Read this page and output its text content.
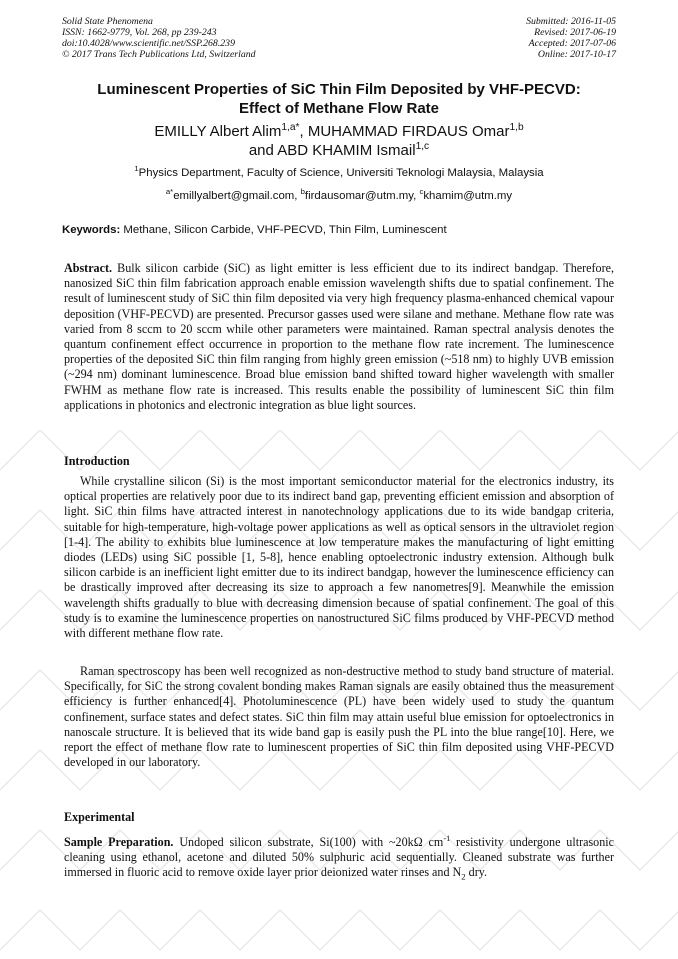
Solid State Phenomena
ISSN: 1662-9779, Vol. 268, pp 239-243
doi:10.4028/www.scientific.net/SSP.268.239
© 2017 Trans Tech Publications Ltd, Switzerland
Submitted: 2016-11-05
Revised: 2017-06-19
Accepted: 2017-07-06
Online: 2017-10-17
Luminescent Properties of SiC Thin Film Deposited by VHF-PECVD:
Effect of Methane Flow Rate
EMILLY Albert Alim$^{1,a*}$, MUHAMMAD FIRDAUS Omar$^{1,b}$
and ABD KHAMIM Ismail$^{1,c}$
$^1$Physics Department, Faculty of Science, Universiti Teknologi Malaysia, Malaysia
$^{a*}$emillyalbert@gmail.com, $^b$firdausomar@utm.my, $^c$khamim@utm.my
Keywords: Methane, Silicon Carbide, VHF-PECVD, Thin Film, Luminescent
Abstract. Bulk silicon carbide (SiC) as light emitter is less efficient due to its indirect bandgap. Therefore, nanosized SiC thin film fabrication approach enable emission wavelength shifts due to spatial confinement. The result of luminescent study of SiC thin film deposited via very high frequency plasma-enhanced chemical vapour deposition (VHF-PECVD) are presented. Precursor gasses used were silane and methane. Methane flow rate was varied from 8 sccm to 20 sccm while other parameters were maintained. Raman spectral analysis denotes the quantum confinement effect occurrence in proportion to the methane flow rate increment. The luminescence properties of the deposited SiC thin film ranging from highly green emission (~518 nm) to highly UVB emission (~294 nm) dominant luminescence. Broad blue emission band shifted toward higher wavelength with smaller FWHM as methane flow rate is increased. This results enable the possibility of luminescent SiC thin film applications in photonics and electronic integration as blue light sources.
Introduction
While crystalline silicon (Si) is the most important semiconductor material for the electronics industry, its optical properties are relatively poor due to its indirect band gap, preventing efficient emission and absorption of light. SiC thin films have attracted interest in nanotechnology applications due to its wide bandgap criteria, suitable for high-temperature, high-voltage power applications as well as optical sensors in the ultraviolet region [1-4]. The ability to exhibits blue luminescence at low temperature makes the manufacturing of light emitting diodes (LEDs) using SiC possible [1, 5-8], hence enabling optoelectronic industry extension. Although bulk silicon carbide is an inefficient light emitter due to its indirect bandgap, however the luminescence efficiency can be drastically improved after decreasing its size to approach a few nanometres[9]. Meanwhile the emission wavelength shifts gradually to blue with decreasing dimension because of spatial confinement. The goal of this study is to examine the luminescence properties on nanostructured SiC films produced by VHF-PECVD method with different methane flow rate.
Raman spectroscopy has been well recognized as non-destructive method to study band structure of material. Specifically, for SiC the strong covalent bonding makes Raman signals are easily obtained thus the measurement efficiency is further enhanced[4]. Photoluminescence (PL) have been widely used to study the quantum confinement, surface states and defect states. SiC thin film may attain useful blue emission for optoelectronics in nanoscale structure. It is believed that its wide band gap is easily push the PL into the blue range[10]. Here, we report the effect of methane flow rate to luminescent properties of SiC thin film deposited using VHF-PECVD developed in our laboratory.
Experimental
Sample Preparation. Undoped silicon substrate, Si(100) with ~20kΩ $cm^{-1}$ resistivity undergone ultrasonic cleaning using ethanol, acetone and diluted 50% sulphuric acid sequentially. Cleaned substrate was further immersed in fluoric acid to remove oxide layer prior deionized water rinses and $N_2$ dry.
